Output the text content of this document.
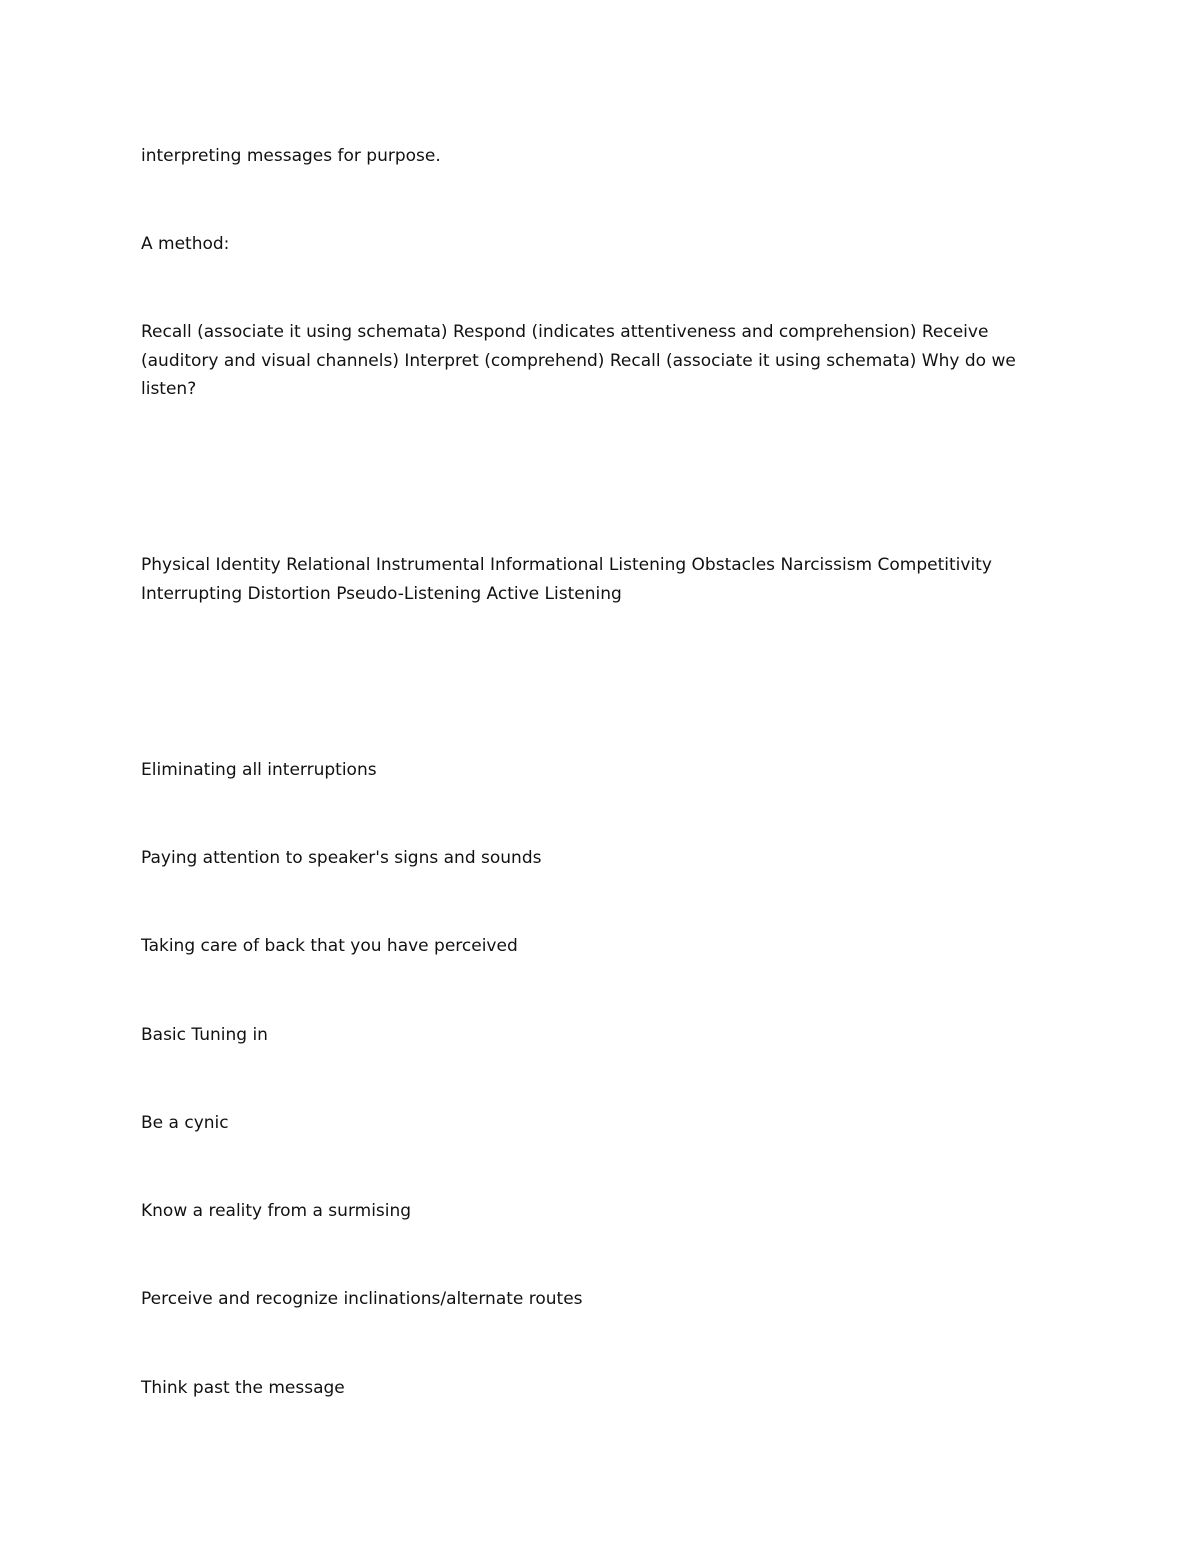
interpreting messages for purpose.

A method:

Recall (associate it using schemata) Respond (indicates attentiveness and comprehension) Receive (auditory and visual channels) Interpret (comprehend) Recall (associate it using schemata) Why do we listen?

Physical Identity Relational Instrumental Informational Listening Obstacles Narcissism Competitivity Interrupting Distortion Pseudo-Listening Active Listening

Eliminating all interruptions

Paying attention to speaker's signs and sounds

Taking care of back that you have perceived

Basic Tuning in

Be a cynic

Know a reality from a surmising

Perceive and recognize inclinations/alternate routes

Think past the message
